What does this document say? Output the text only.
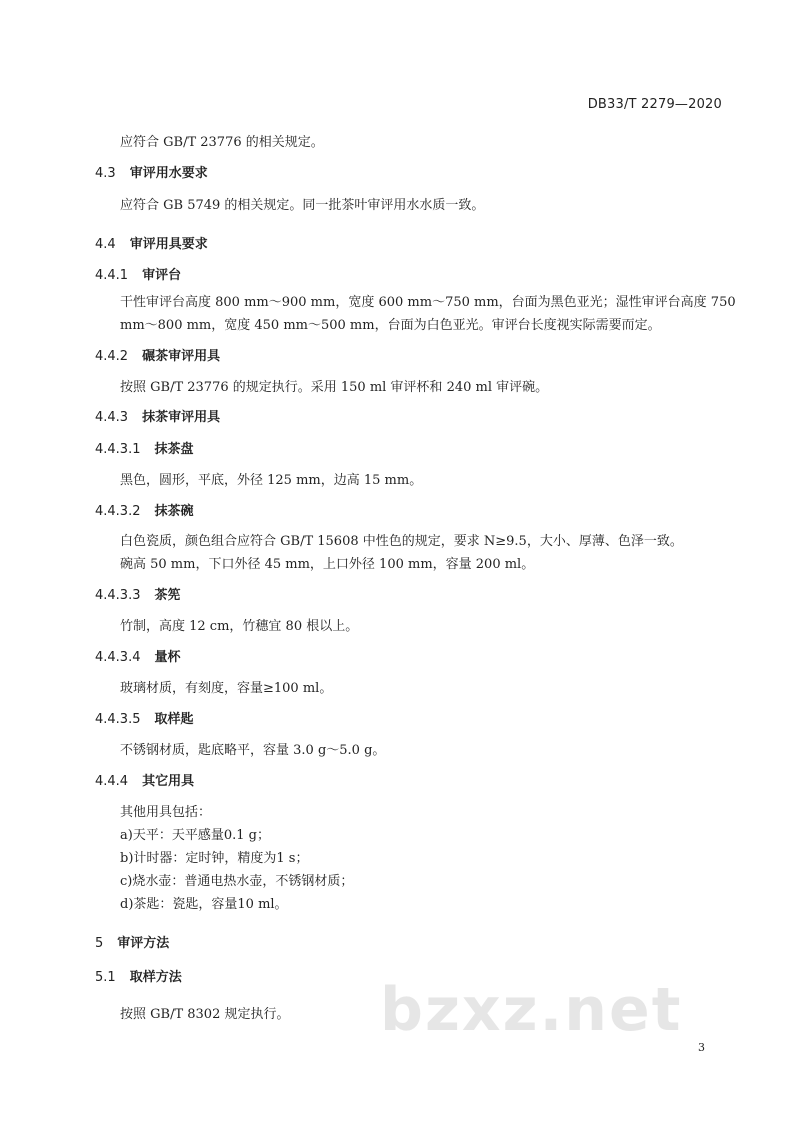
DB33/T 2279—2020
应符合 GB/T 23776 的相关规定。
4.3 审评用水要求
应符合 GB 5749 的相关规定。同一批茶叶审评用水水质一致。
4.4 审评用具要求
4.4.1 审评台
干性审评台高度 800 mm～900 mm，宽度 600 mm～750 mm，台面为黑色亚光；湿性审评台高度 750
mm～800 mm，宽度 450 mm～500 mm，台面为白色亚光。审评台长度视实际需要而定。
4.4.2 碾茶审评用具
按照 GB/T 23776 的规定执行。采用 150 ml 审评杯和 240 ml 审评碗。
4.4.3 抹茶审评用具
4.4.3.1 抹茶盘
黑色，圆形，平底，外径 125 mm，边高 15 mm。
4.4.3.2 抹茶碗
白色瓷质，颜色组合应符合 GB/T 15608 中性色的规定，要求 N≥9.5，大小、厚薄、色泽一致。
碗高 50 mm，下口外径 45 mm，上口外径 100 mm，容量 200 ml。
4.4.3.3 茶筅
竹制，高度 12 cm，竹穗宜 80 根以上。
4.4.3.4 量杯
玻璃材质，有刻度，容量≥100 ml。
4.4.3.5 取样匙
不锈钢材质，匙底略平，容量 3.0 g～5.0 g。
4.4.4 其它用具
其他用具包括：
a)天平：天平感量0.1 g；
b)计时器：定时钟，精度为1 s；
c)烧水壶：普通电热水壶，不锈钢材质；
d)茶匙：瓷匙，容量10 ml。
5 审评方法
5.1 取样方法
按照 GB/T 8302 规定执行。
3
bzxz.net
